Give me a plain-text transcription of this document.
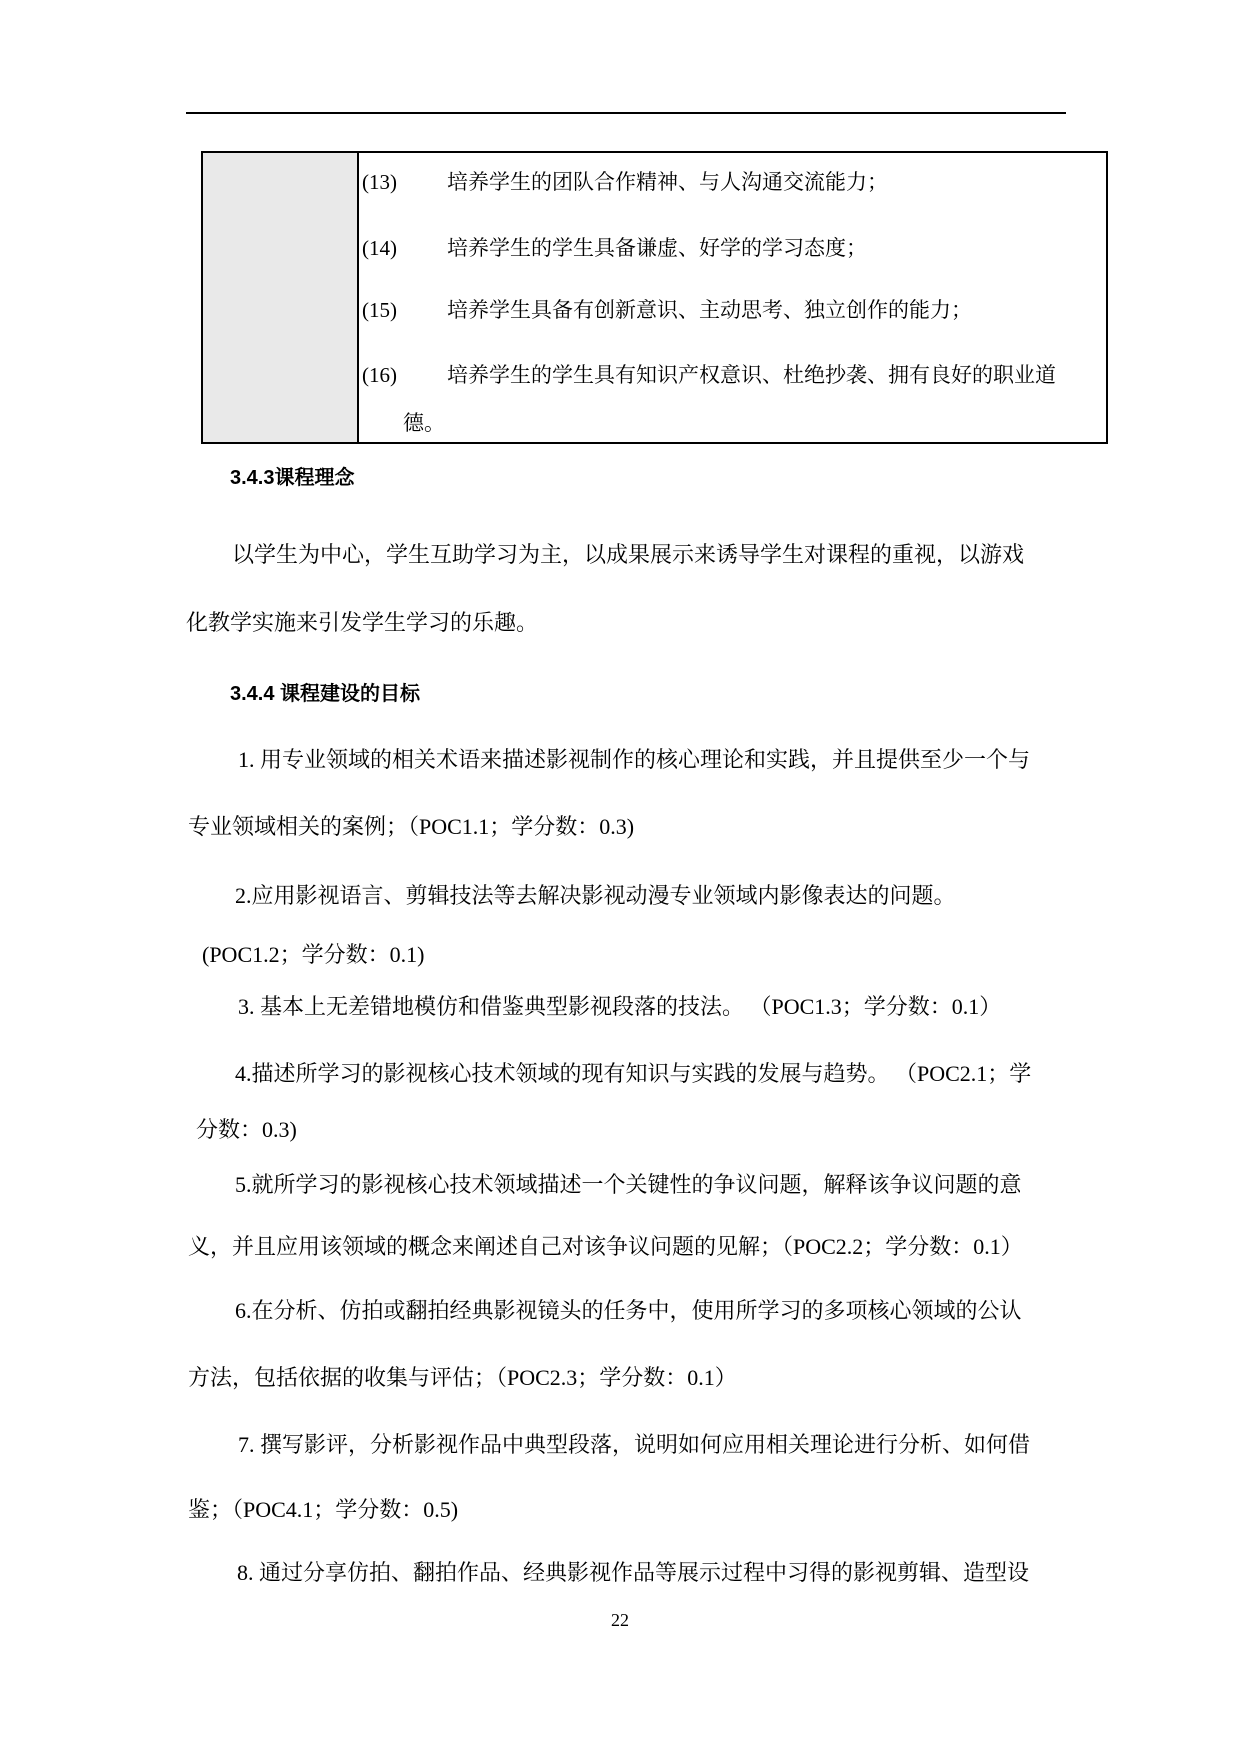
(13) 培养学生的团队合作精神、与人沟通交流能力；
(14) 培养学生的学生具备谦虚、好学的学习态度；
(15) 培养学生具备有创新意识、主动思考、独立创作的能力；
(16) 培养学生的学生具有知识产权意识、杜绝抄袭、拥有良好的职业道
德。
3.4.3课程理念
以学生为中心，学生互助学习为主，以成果展示来诱导学生对课程的重视，以游戏
化教学实施来引发学生学习的乐趣。
3.4.4 课程建设的目标
1. 用专业领域的相关术语来描述影视制作的核心理论和实践，并且提供至少一个与
专业领域相关的案例；（POC1.1；学分数：0.3)
2.应用影视语言、剪辑技法等去解决影视动漫专业领域内影像表达的问题。
(POC1.2；学分数：0.1)
3. 基本上无差错地模仿和借鉴典型影视段落的技法。 （POC1.3；学分数：0.1）
4.描述所学习的影视核心技术领域的现有知识与实践的发展与趋势。 （POC2.1；学
分数：0.3)
5.就所学习的影视核心技术领域描述一个关键性的争议问题，解释该争议问题的意
义，并且应用该领域的概念来阐述自己对该争议问题的见解；（POC2.2；学分数：0.1）
6.在分析、仿拍或翻拍经典影视镜头的任务中，使用所学习的多项核心领域的公认
方法，包括依据的收集与评估；（POC2.3；学分数：0.1）
7. 撰写影评，分析影视作品中典型段落，说明如何应用相关理论进行分析、如何借
鉴；（POC4.1；学分数：0.5)
8. 通过分享仿拍、翻拍作品、经典影视作品等展示过程中习得的影视剪辑、造型设
22
